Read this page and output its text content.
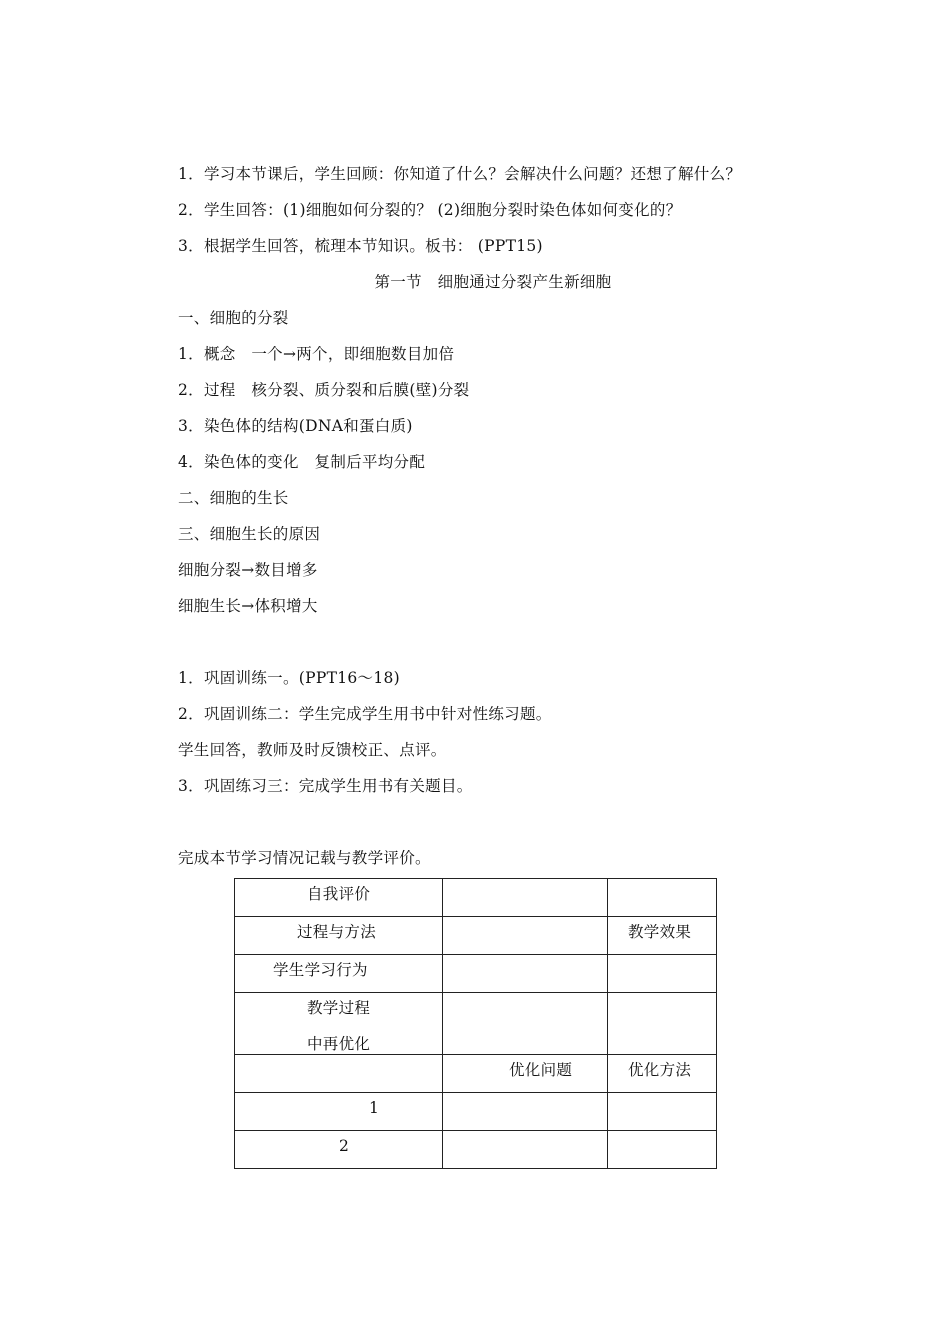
1．学习本节课后，学生回顾：你知道了什么？会解决什么问题？还想了解什么？
2．学生回答：(1)细胞如何分裂的？ (2)细胞分裂时染色体如何变化的？
3．根据学生回答，梳理本节知识。板书： (PPT15)
第一节　细胞通过分裂产生新细胞
一、细胞的分裂
1．概念　一个→两个，即细胞数目加倍
2．过程　核分裂、质分裂和后膜(壁)分裂
3．染色体的结构(DNA和蛋白质)
4．染色体的变化　复制后平均分配
二、细胞的生长
三、细胞生长的原因
细胞分裂→数目增多
细胞生长→体积增大
1．巩固训练一。(PPT16～18)
2．巩固训练二：学生完成学生用书中针对性练习题。
学生回答，教师及时反馈校正、点评。
3．巩固练习三：完成学生用书有关题目。
完成本节学习情况记载与教学评价。
自我评价		

过程与方法		教学效果

学生学习行为		

教学过程
中再优化		

	优化问题	优化方法

1		

2		
